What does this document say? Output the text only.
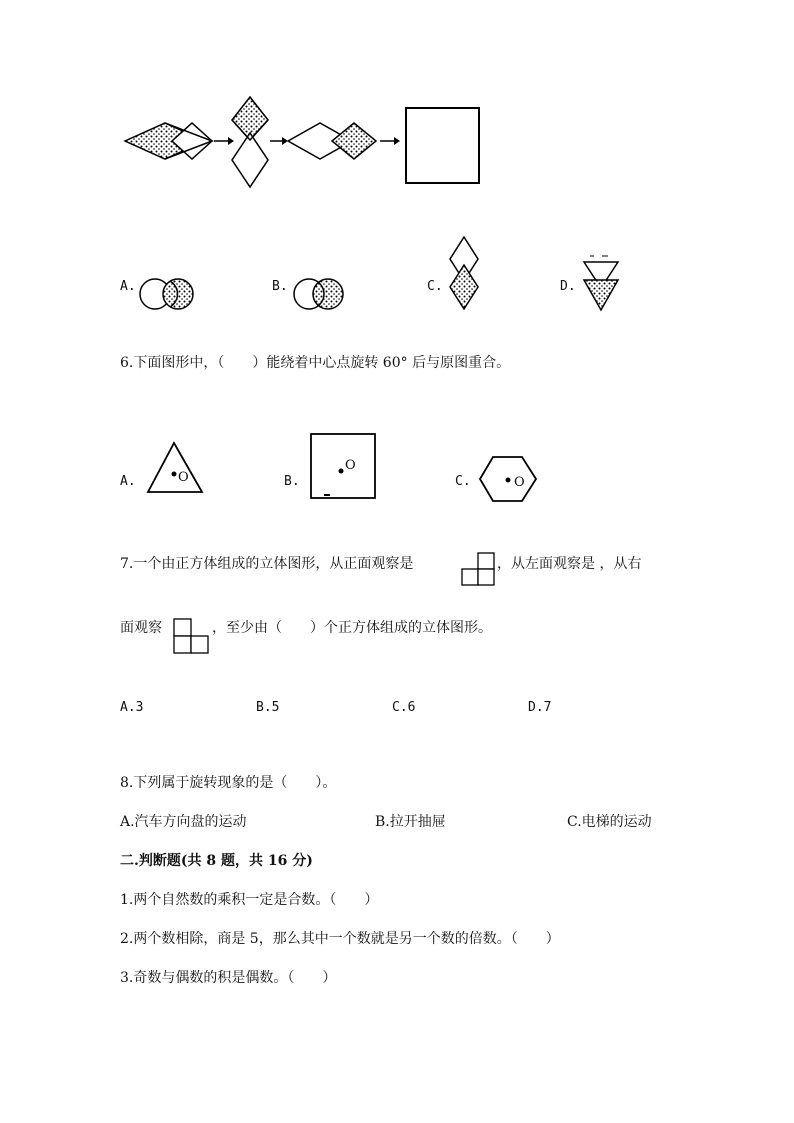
A.	B.	C.	D.
6.下面图形中，（　　）能绕着中心点旋转 60° 后与原图重合。
A.	O	B.
O
C.	O
7.一个由正方体组成的立体图形，从正面观察是	，从左面观察是 ，从右
面观察	，至少由（　　）个正方体组成的立体图形。
A.3	B.5	C.6	D.7
8.下列属于旋转现象的是（　　）。
A.汽车方向盘的运动	B.拉开抽屉	C.电梯的运动
二.判断题(共 8 题，共 16 分)
1.两个自然数的乘积一定是合数。（　　）
2.两个数相除，商是 5，那么其中一个数就是另一个数的倍数。（　　）
3.奇数与偶数的积是偶数。（　　）
